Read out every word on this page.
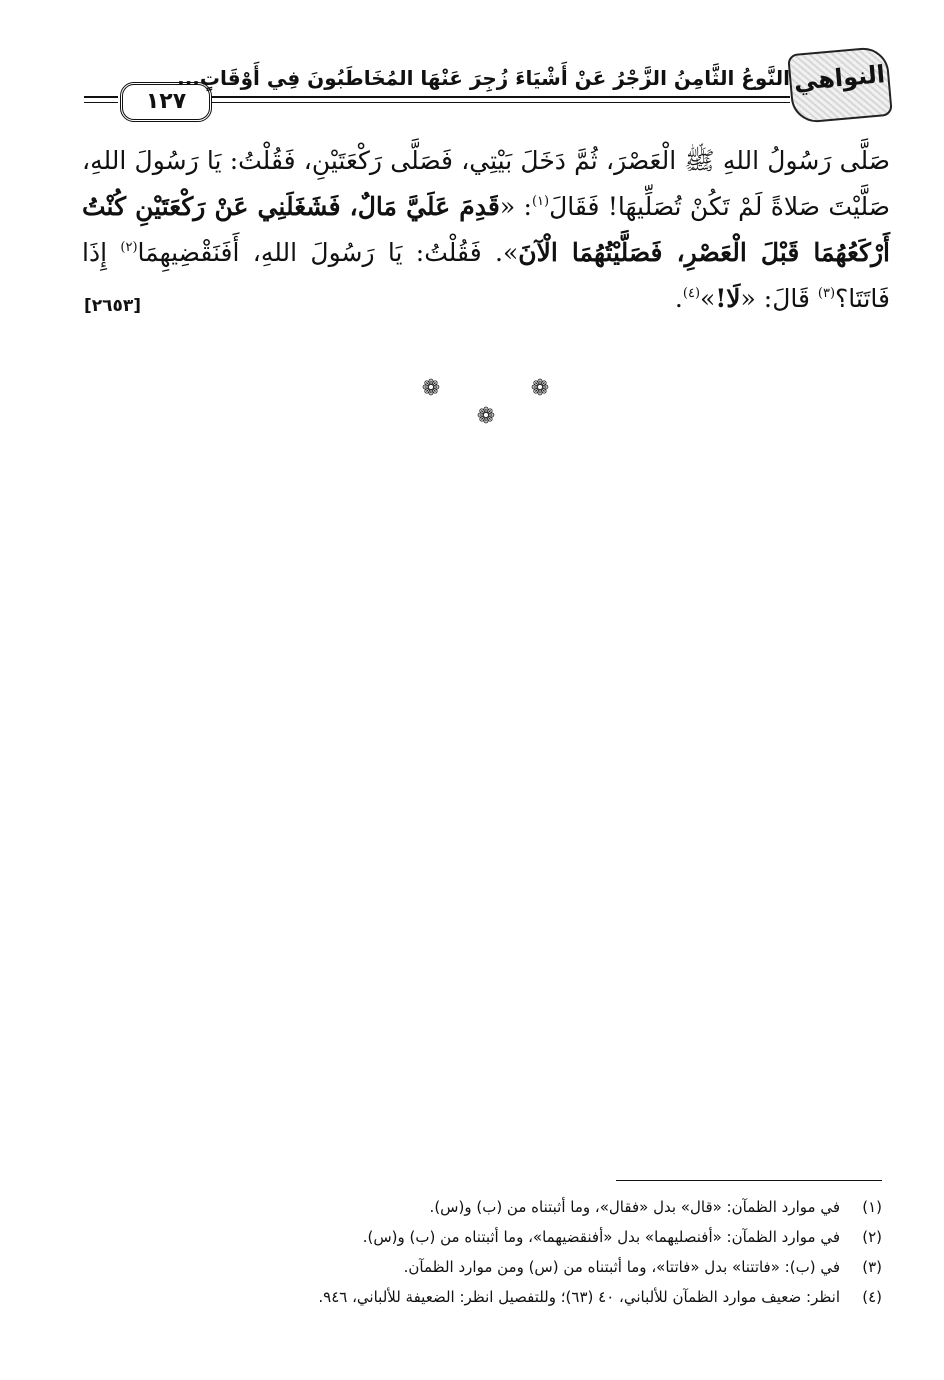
النواهي
النَّوعُ الثَّامِنُ الزَّجْرُ عَنْ أَشْيَاءَ زُجِرَ عَنْهَا المُخَاطَبُونَ فِي أَوْقَاتٍ...
١٢٧
صَلَّى رَسُولُ اللهِ ﷺ الْعَصْرَ، ثُمَّ دَخَلَ بَيْتِي، فَصَلَّى رَكْعَتَيْنِ، فَقُلْتُ: يَا رَسُولَ اللهِ، صَلَّيْتَ صَلاةً لَمْ تَكُنْ تُصَلِّيهَا! فَقَالَ$^{(١)}$: «قَدِمَ عَلَيَّ مَالٌ، فَشَغَلَنِي عَنْ رَكْعَتَيْنِ كُنْتُ أَرْكَعُهُمَا قَبْلَ الْعَصْرِ، فَصَلَّيْتُهُمَا الْآنَ». فَقُلْتُ: يَا رَسُولَ اللهِ، أَفَنَقْضِيهِمَا$^{(٢)}$ إِذَا فَاتَتَا؟$^{(٣)}$ قَالَ: «لَا!»$^{(٤)}$.
[٢٦٥٣]
❁	❁
❁
(١)في موارد الظمآن: «قال» بدل «فقال»، وما أثبتناه من (ب) و(س).
(٢)في موارد الظمآن: «أفنصليهما» بدل «أفنقضيهما»، وما أثبتناه من (ب) و(س).
(٣)في (ب): «فاتتنا» بدل «فاتتا»، وما أثبتناه من (س) ومن موارد الظمآن.
(٤)انظر: ضعيف موارد الظمآن للألباني، ٤٠ (٦٣)؛ وللتفصيل انظر: الضعيفة للألباني، ٩٤٦.
